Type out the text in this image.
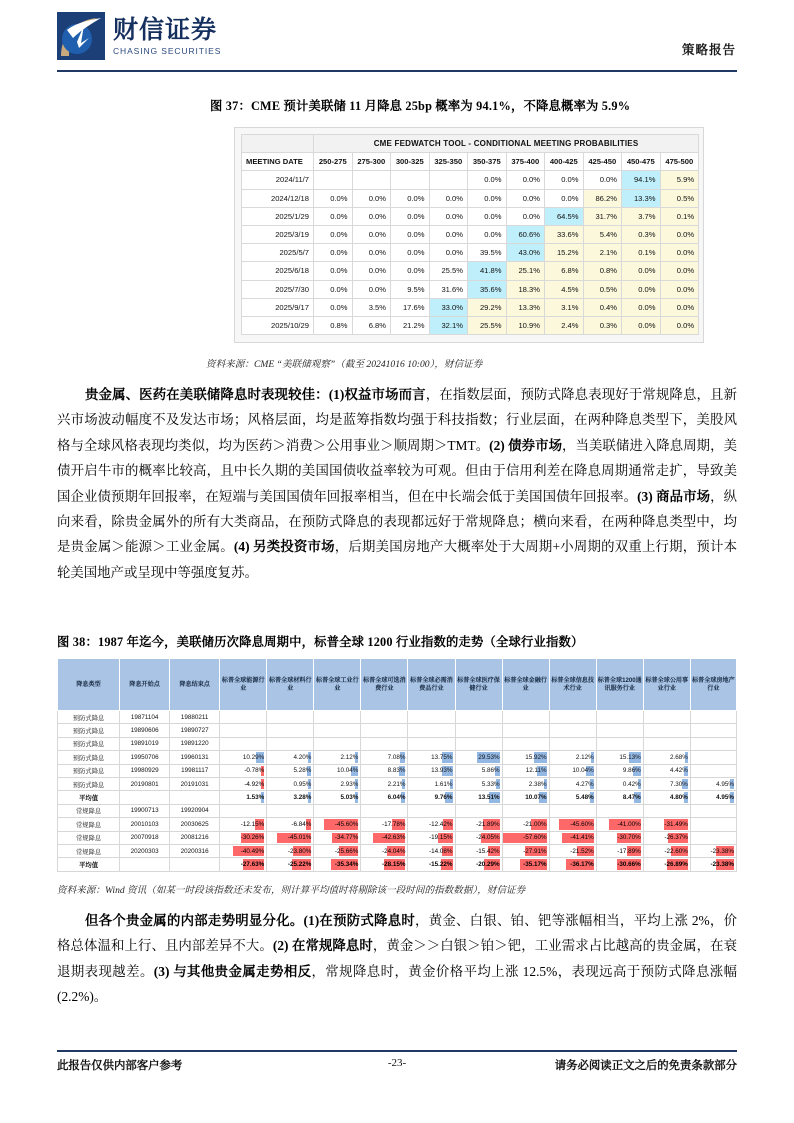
财信证券
CHASING SECURITIES	策略报告
图 37：CME 预计美联储 11 月降息 25bp 概率为 94.1%，不降息概率为 5.9%
	CME FEDWATCH TOOL - CONDITIONAL MEETING PROBABILITIES									
MEETING DATE	250-275	275-300	300-325	325-350	350-375	375-400	400-425	425-450	450-475	475-500
2024/11/7					0.0%	0.0%	0.0%	0.0%	94.1%	5.9%
2024/12/18	0.0%	0.0%	0.0%	0.0%	0.0%	0.0%	0.0%	86.2%	13.3%	0.5%
2025/1/29	0.0%	0.0%	0.0%	0.0%	0.0%	0.0%	64.5%	31.7%	3.7%	0.1%
2025/3/19	0.0%	0.0%	0.0%	0.0%	0.0%	60.6%	33.6%	5.4%	0.3%	0.0%
2025/5/7	0.0%	0.0%	0.0%	0.0%	39.5%	43.0%	15.2%	2.1%	0.1%	0.0%
2025/6/18	0.0%	0.0%	0.0%	25.5%	41.8%	25.1%	6.8%	0.8%	0.0%	0.0%
2025/7/30	0.0%	0.0%	9.5%	31.6%	35.6%	18.3%	4.5%	0.5%	0.0%	0.0%
2025/9/17	0.0%	3.5%	17.6%	33.0%	29.2%	13.3%	3.1%	0.4%	0.0%	0.0%
2025/10/29	0.8%	6.8%	21.2%	32.1%	25.5%	10.9%	2.4%	0.3%	0.0%	0.0%
资料来源：CME “美联储观察”（截至 20241016 10:00），财信证券
贵金属、医药在美联储降息时表现较佳：(1)权益市场而言，在指数层面，预防式降息表现好于常规降息，且新兴市场波动幅度不及发达市场；风格层面，均是蓝筹指数均强于科技指数；行业层面，在两种降息类型下，美股风格与全球风格表现均类似，均为医药＞消费＞公用事业＞顺周期＞TMT。(2) 债券市场，当美联储进入降息周期，美债开启牛市的概率比较高，且中长久期的美国国债收益率较为可观。但由于信用利差在降息周期通常走扩，导致美国企业债预期年回报率，在短端与美国国债年回报率相当，但在中长端会低于美国国债年回报率。(3) 商品市场，纵向来看，除贵金属外的所有大类商品，在预防式降息的表现都远好于常规降息；横向来看，在两种降息类型中，均是贵金属＞能源＞工业金属。(4) 另类投资市场，后期美国房地产大概率处于大周期+小周期的双重上行期，预计本轮美国地产或呈现中等强度复苏。
图 38：1987 年迄今，美联储历次降息周期中，标普全球 1200 行业指数的走势（全球行业指数）
降息类型	降息开始点	降息结束点	标普全球能源行业	标普全球材料行业	标普全球工业行业	标普全球可选消费行业	标普全球必需消费品行业	标普全球医疗保健行业	标普全球金融行业	标普全球信息技术行业	标普全球1200通讯服务行业	标普全球公用事业行业	标普全球房地产行业
预防式降息	19871104	19880211											
预防式降息	19890606	19890727											
预防式降息	19891019	19891220											
预防式降息	19950706	19960131	10.29%	4.20%	2.12%	7.08%	13.75%	29.53%	15.92%	2.12%	15.13%	2.68%	
预防式降息	19980929	19981117	-0.78%	5.28%	10.04%	8.83%	13.93%	5.86%	12.11%	10.04%	9.86%	4.42%	
预防式降息	20190801	20191031	-4.92%	0.95%	2.93%	2.21%	1.61%	5.33%	2.38%	4.27%	0.42%	7.30%	4.95%
平均值			1.53%	3.28%	5.03%	6.04%	9.76%	13.51%	10.07%	5.48%	8.47%	4.80%	4.95%
常规降息	19900713	19920904											
常规降息	20010103	20030625	-12.15%	-6.84%	-45.60%	-17.78%	-12.42%	-21.89%	-21.00%	-45.60%	-41.00%	-31.49%	
常规降息	20070918	20081216	-30.26%	-45.01%	-34.77%	-42.63%	-19.15%	-24.05%	-57.60%	-41.41%	-30.70%	-26.37%	
常规降息	20200303	20200316	-40.49%	-23.80%	-25.66%	-24.04%	-14.08%	-15.42%	-27.91%	-21.52%	-17.89%	-22.60%	-23.38%
平均值			-27.63%	-25.22%	-35.34%	-28.15%	-15.22%	-20.29%	-35.17%	-36.17%	-30.66%	-26.89%	-23.38%
资料来源：Wind 资讯（如某一时段该指数还未发布，则计算平均值时将剔除该一段时间的指数数据），财信证券
但各个贵金属的内部走势明显分化。(1)在预防式降息时，黄金、白银、铂、钯等涨幅相当，平均上涨 2%，价格总体温和上行、且内部差异不大。(2) 在常规降息时，黄金＞＞白银＞铂＞钯，工业需求占比越高的贵金属，在衰退期表现越差。(3) 与其他贵金属走势相反，常规降息时，黄金价格平均上涨 12.5%，表现远高于预防式降息涨幅(2.2%)。
此报告仅供内部客户参考	-23-	请务必阅读正文之后的免责条款部分
